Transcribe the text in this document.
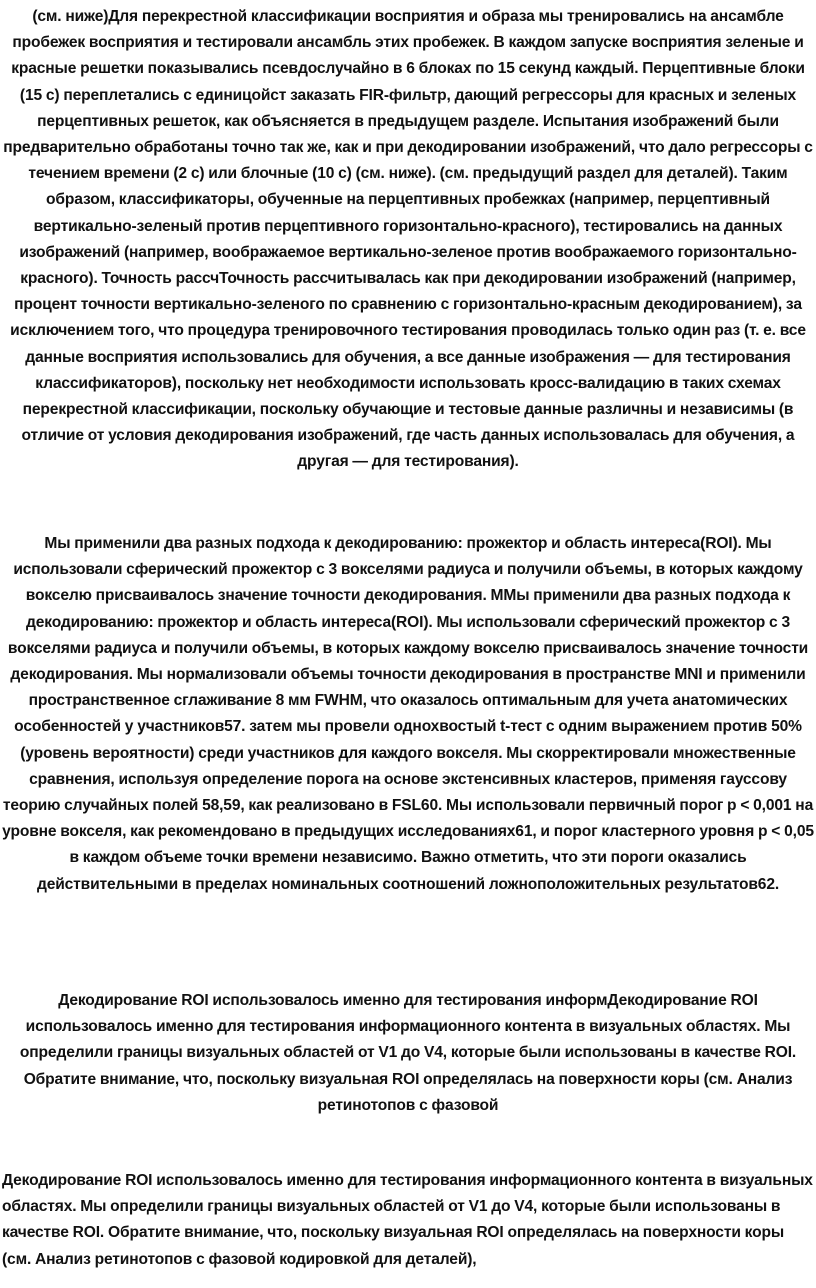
(см. ниже)Для перекрестной классификации восприятия и образа мы тренировались на ансамбле пробежек восприятия и тестировали ансамбль этих пробежек. В каждом запуске восприятия зеленые и красные решетки показывались псевдослучайно в 6 блоках по 15 секунд каждый. Перцептивные блоки (15 с) переплетались с единицойст заказать FIR-фильтр, дающий регрессоры для красных и зеленых перцептивных решеток, как объясняется в предыдущем разделе. Испытания изображений были предварительно обработаны точно так же, как и при декодировании изображений, что дало регрессоры с течением времени (2 с) или блочные (10 с) (см. ниже). (см. предыдущий раздел для деталей). Таким образом, классификаторы, обученные на перцептивных пробежках (например, перцептивный вертикально-зеленый против перцептивного горизонтально-красного), тестировались на данных изображений (например, воображаемое вертикально-зеленое против воображаемого горизонтально-красного). Точность рассчТочность рассчитывалась как при декодировании изображений (например, процент точности вертикально-зеленого по сравнению с горизонтально-красным декодированием), за исключением того, что процедура тренировочного тестирования проводилась только один раз (т. е. все данные восприятия использовались для обучения, а все данные изображения — для тестирования классификаторов), поскольку нет необходимости использовать кросс-валидацию в таких схемах перекрестной классификации, поскольку обучающие и тестовые данные различны и независимы (в отличие от условия декодирования изображений, где часть данных использовалась для обучения, а другая — для тестирования).

Мы применили два разных подхода к декодированию: прожектор и область интереса(ROI). Мы использовали сферический прожектор с 3 вокселями радиуса и получили объемы, в которых каждому вокселю присваивалось значение точности декодирования. ММы применили два разных подхода к декодированию: прожектор и область интереса(ROI). Мы использовали сферический прожектор с 3 вокселями радиуса и получили объемы, в которых каждому вокселю присваивалось значение точности декодирования. Мы нормализовали объемы точности декодирования в пространстве MNI и применили пространственное сглаживание 8 мм FWHM, что оказалось оптимальным для учета анатомических особенностей у участников57. затем мы провели однохвостый t-тест с одним выражением против 50% (уровень вероятности) среди участников для каждого вокселя. Мы скорректировали множественные сравнения, используя определение порога на основе экстенсивных кластеров, применяя гауссову теорию случайных полей 58,59, как реализовано в FSL60. Мы использовали первичный порог p < 0,001 на уровне вокселя, как рекомендовано в предыдущих исследованиях61, и порог кластерного уровня p < 0,05 в каждом объеме точки времени независимо. Важно отметить, что эти пороги оказались действительными в пределах номинальных соотношений ложноположительных результатов62.

Декодирование ROI использовалось именно для тестирования информДекодирование ROI использовалось именно для тестирования информационного контента в визуальных областях. Мы определили границы визуальных областей от V1 до V4, которые были использованы в качестве ROI. Обратите внимание, что, поскольку визуальная ROI определялась на поверхности коры (см. Анализ ретинотопов с фазовой

Декодирование ROI использовалось именно для тестирования информационного контента в визуальных областях. Мы определили границы визуальных областей от V1 до V4, которые были использованы в качестве ROI. Обратите внимание, что, поскольку визуальная ROI определялась на поверхности коры (см. Анализ ретинотопов с фазовой кодировкой для деталей),
